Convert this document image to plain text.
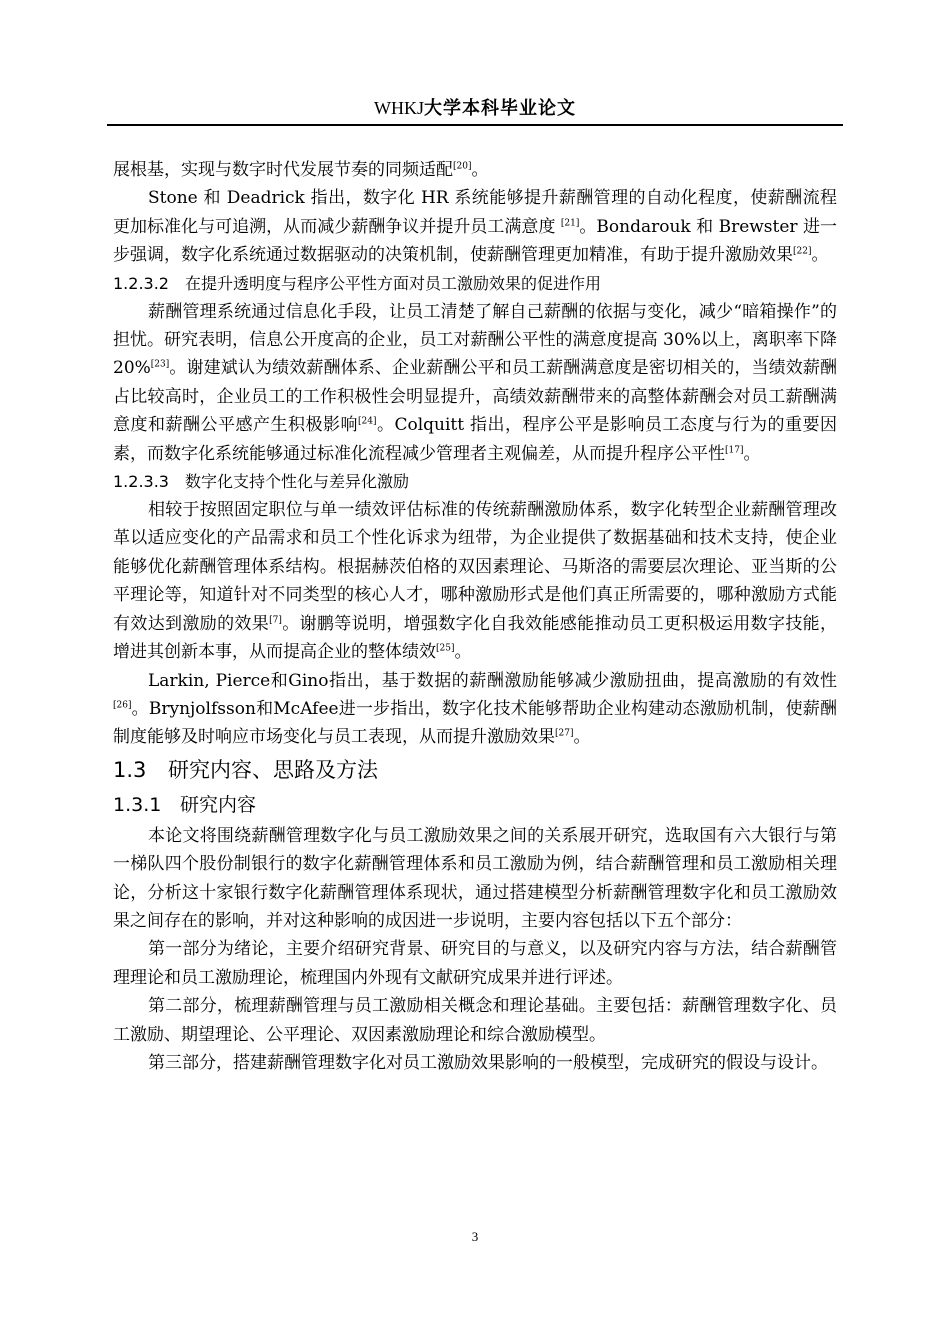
WHKJ大学本科毕业论文

展根基，实现与数字时代发展节奏的同频适配[20]。

Stone 和 Deadrick 指出，数字化 HR 系统能够提升薪酬管理的自动化程度，使薪酬流程更加标准化与可追溯，从而减少薪酬争议并提升员工满意度 [21]。Bondarouk 和 Brewster 进一步强调，数字化系统通过数据驱动的决策机制，使薪酬管理更加精准，有助于提升激励效果[22]。

1.2.3.2 在提升透明度与程序公平性方面对员工激励效果的促进作用

薪酬管理系统通过信息化手段，让员工清楚了解自己薪酬的依据与变化，减少“暗箱操作”的担忧。研究表明，信息公开度高的企业，员工对薪酬公平性的满意度提高 30%以上，离职率下降 20%[23]。谢建斌认为绩效薪酬体系、企业薪酬公平和员工薪酬满意度是密切相关的，当绩效薪酬占比较高时，企业员工的工作积极性会明显提升，高绩效薪酬带来的高整体薪酬会对员工薪酬满意度和薪酬公平感产生积极影响[24]。Colquitt 指出，程序公平是影响员工态度与行为的重要因素，而数字化系统能够通过标准化流程减少管理者主观偏差，从而提升程序公平性[17]。

1.2.3.3 数字化支持个性化与差异化激励

相较于按照固定职位与单一绩效评估标准的传统薪酬激励体系，数字化转型企业薪酬管理改革以适应变化的产品需求和员工个性化诉求为纽带，为企业提供了数据基础和技术支持，使企业能够优化薪酬管理体系结构。根据赫茨伯格的双因素理论、马斯洛的需要层次理论、亚当斯的公平理论等，知道针对不同类型的核心人才，哪种激励形式是他们真正所需要的，哪种激励方式能有效达到激励的效果[7]。谢鹏等说明，增强数字化自我效能感能推动员工更积极运用数字技能，增进其创新本事，从而提高企业的整体绩效[25]。

Larkin, Pierce和Gino指出，基于数据的薪酬激励能够减少激励扭曲，提高激励的有效性[26]。Brynjolfsson和McAfee进一步指出，数字化技术能够帮助企业构建动态激励机制，使薪酬制度能够及时响应市场变化与员工表现，从而提升激励效果[27]。

1.3 研究内容、思路及方法
1.3.1 研究内容

本论文将围绕薪酬管理数字化与员工激励效果之间的关系展开研究，选取国有六大银行与第一梯队四个股份制银行的数字化薪酬管理体系和员工激励为例，结合薪酬管理和员工激励相关理论，分析这十家银行数字化薪酬管理体系现状，通过搭建模型分析薪酬管理数字化和员工激励效果之间存在的影响，并对这种影响的成因进一步说明，主要内容包括以下五个部分：

第一部分为绪论，主要介绍研究背景、研究目的与意义，以及研究内容与方法，结合薪酬管理理论和员工激励理论，梳理国内外现有文献研究成果并进行评述。

第二部分，梳理薪酬管理与员工激励相关概念和理论基础。主要包括：薪酬管理数字化、员工激励、期望理论、公平理论、双因素激励理论和综合激励模型。

第三部分，搭建薪酬管理数字化对员工激励效果影响的一般模型，完成研究的假设与设计。

3
